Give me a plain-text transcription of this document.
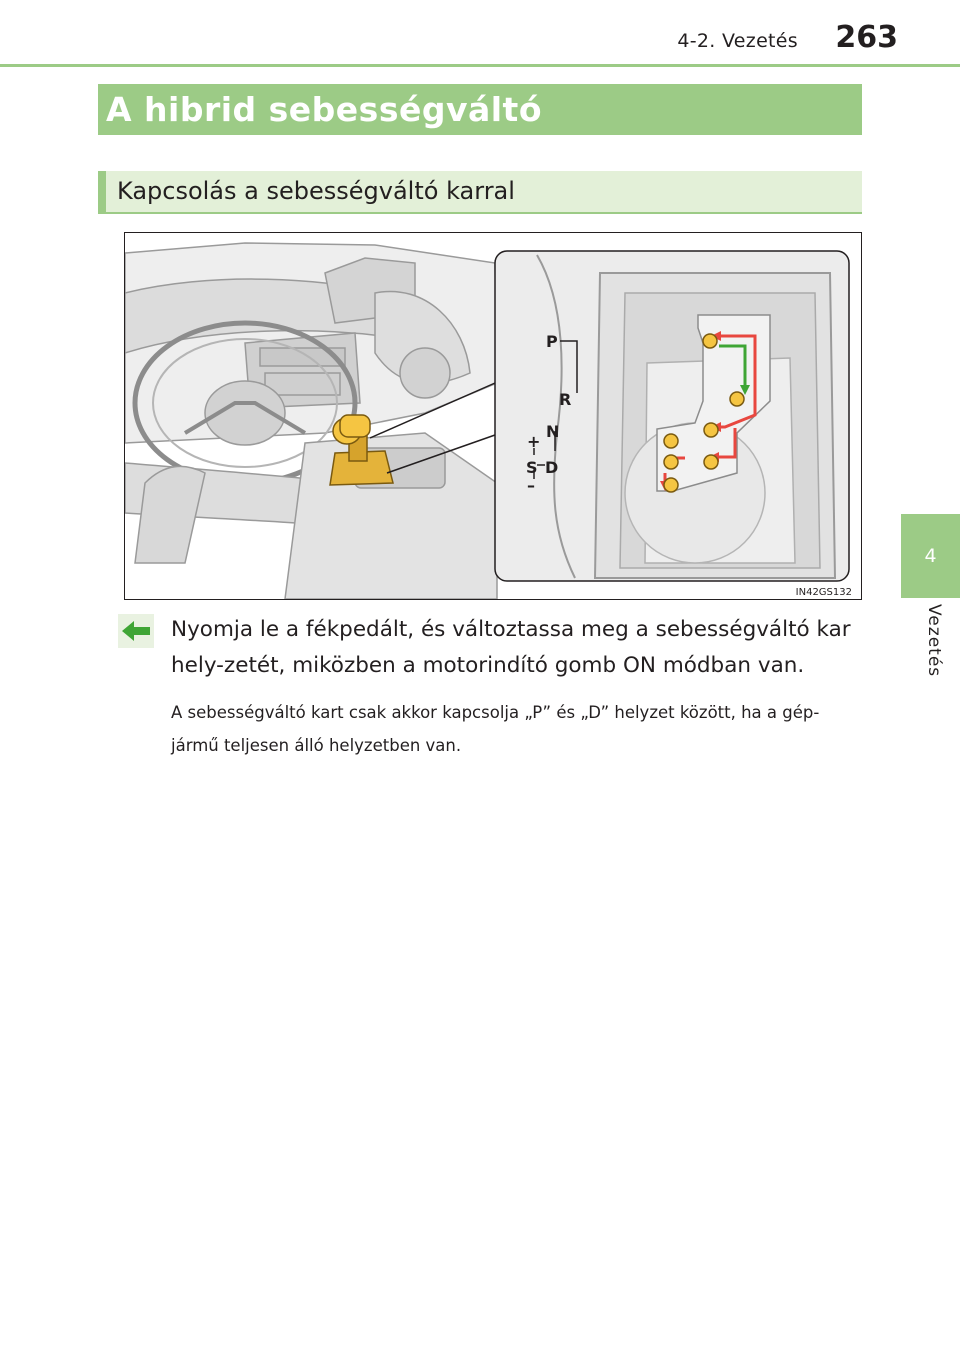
4-2. Vezetés	263
4
Vezetés
A hibrid sebességváltó
Kapcsolás a sebességváltó karral
P
R
N
D
S
+
–
IN42GS132
Nyomja le a fékpedált, és változtassa meg a sebességváltó kar hely-zetét, miközben a motorindító gomb ON módban van.
A sebességváltó kart csak akkor kapcsolja „P” és „D” helyzet között, ha a gép-jármű teljesen álló helyzetben van.
